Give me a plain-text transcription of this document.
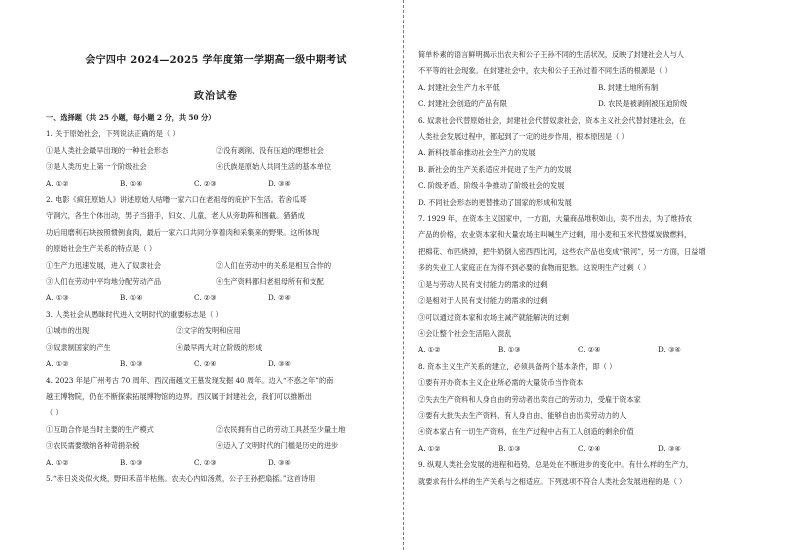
会宁四中 2024—2025 学年度第一学期高一级中期考试
政治试卷
一、选择题（共 25 小题，每小题 2 分，共 50 分）
1. 关于原始社会，下列说法正确的是（ ）
①是人类社会最早出现的一种社会形态	②没有剥削、没有压迫的理想社会
③是人类历史上第一个阶级社会	④氏族是原始人共同生活的基本单位
A. ①②	B. ①④	C. ②③	D. ③④
2. 电影《疯狂原始人》讲述原始人咕噜一家六口在老祖母的庇护下生活。若舍瓜哥
守洞穴，各生个体出动，男子当猎手，妇女、儿童、老人从旁助阵和围截。猎猎成
功后用磨利石块按照惯例食肉，最后一家六口共同分享着肉和采集来的野果。这所体现
的原始社会生产关系的特点是（ ）
①生产力迅速发展，进入了奴隶社会	②人们在劳动中的关系是相互合作的
③人们在劳动中平均地分配劳动产品	④生产资料都归老祖母所有和支配
A. ①③	B. ①④	C. ②③	D. ②④
3. 人类社会从愚昧时代进入文明时代的重要标志是（ ）
①城市的出现	②文字的发明和应用
③奴隶制国家的产生	④最早两大对立阶级的形成
A. ①②	B. ①③	C. ②④	D. ③④
4. 2023 年是广州考古 70 周年、西汉南越文王墓发现发掘 40 周年。边入“不惑之年”的南
越王博物院，仍在不断探索拓展博物馆的边界。西汉属于封建社会，我们可以推断出
（ ）
①互助合作是当时主要的生产模式	②农民拥有自己的劳动工具甚至少量土地
③农民需要缴纳各种苛捐杂税	④迈入了文明时代的门槛是历史的进步
A. ①②	B. ①③	C. ②③	D. ③④
5.“赤日炎炎似火烧，野田禾苗半枯焦。农夫心内如汤煮，公子王孙把扇摇。”这首诗用
简单朴素的语言鲜明揭示出农夫和公子王孙不同的生活状况，反映了封建社会人与人
不平等的社会现象。在封建社会中，农夫和公子王孙过着不同生活的根源是（ ）
A. 封建社会生产力水平低	B. 封建土地所有制
C. 封建社会创造的产品有限	D. 农民是被剥削被压迫阶级
6. 奴隶社会代替原始社会，封建社会代替奴隶社会，资本主义社会代替封建社会，在
人类社会发展过程中，都起到了一定的进步作用，根本原因是（ ）
A. 新科技革命推动社会生产力的发展
B. 新社会的生产关系适应并促进了生产力的发展
C. 阶级矛盾、阶级斗争推动了阶级社会的发展
D. 不同社会形态的更替推动了国家的形成和发展
7. 1929 年，在资本主义国家中，一方面，大量商品堆积如山，卖不出去，为了维持农
产品的价格，农业资本家和大量农场主叫喊生产过剩，用小麦和玉米代替煤炭做燃料，
把棉花、布匹烧掉，把牛奶倒入密西西比河，这些农产品也变成“银河”，另一方面，日益增
多的失业工人家庭正在为得不到必要的食物而犯愁。这说明生产过剩（ ）
①是与劳动人民有支付能力的需求的过剩
②是相对于人民有支付能力的需求的过剩
③可以通过资本家和农场主减产就能解决的过剩
④会让整个社会生活陷入混乱
A. ①②	B. ①③	C. ②④	D. ③④
8. 资本主义生产关系的建立，必须具备两个基本条件，即（ ）
①要有开办资本主义企业所必需的大量货币当作资本
②失去生产资料和人身自由的劳动者出卖自己的劳动力，受雇于资本家
③要有大批失去生产资料、有人身自由、能够自由出卖劳动力的人
④资本家占有一切生产资料，在生产过程中占有工人创造的剩余价值
A. ①②	B. ①③	C. ②④	D. ③④
9. 纵观人类社会发展的进程和趋势，总是处在不断进步的变化中。有什么样的生产力，
就要求有什么样的生产关系与之相适应。下列选项不符合人类社会发展进程的是（ ）
